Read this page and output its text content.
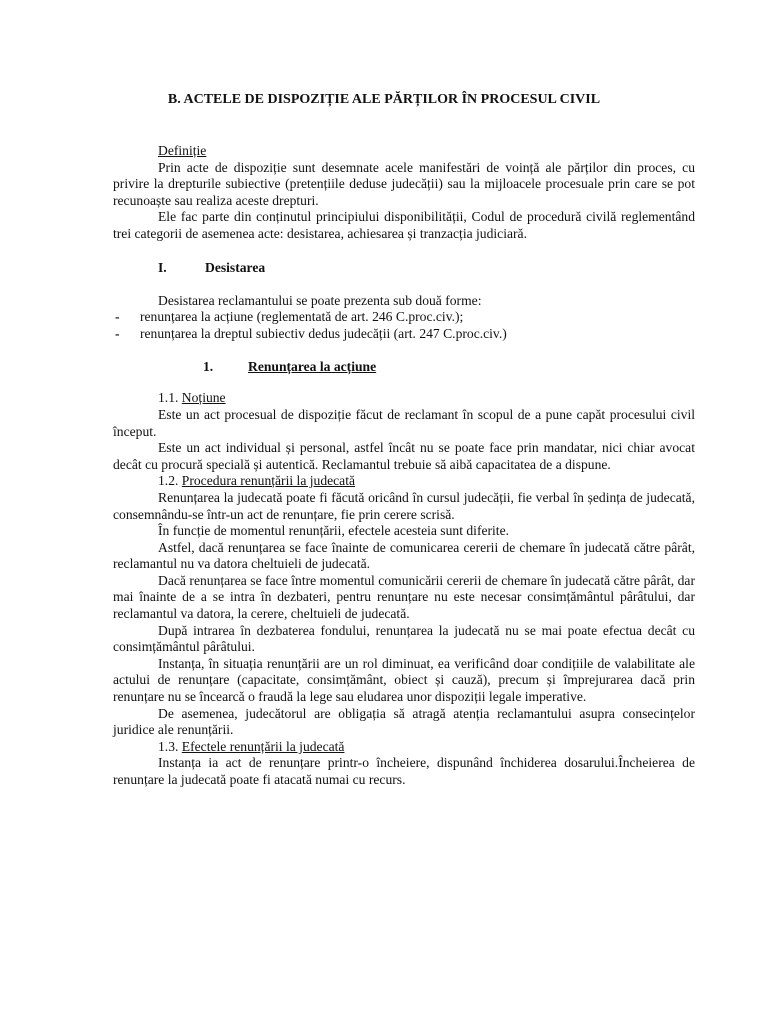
B. ACTELE DE DISPOZIȚIE ALE PĂRȚILOR ÎN PROCESUL CIVIL

Definiție

Prin acte de dispoziție sunt desemnate acele manifestări de voință ale părților din proces, cu privire la drepturile subiective (pretențiile deduse judecății) sau la mijloacele procesuale prin care se pot recunoaște sau realiza aceste drepturi.

Ele fac parte din conținutul principiului disponibilității, Codul de procedură civilă reglementând trei categorii de asemenea acte: desistarea, achiesarea și tranzacția judiciară.

I.	Desistarea

Desistarea reclamantului se poate prezenta sub două forme:

- renunțarea la acțiune (reglementată de art. 246 C.proc.civ.);
- renunțarea la dreptul subiectiv dedus judecății (art. 247 C.proc.civ.)
1.	Renunțarea la acțiune

1.1. Noțiune

Este un act procesual de dispoziție făcut de reclamant în scopul de a pune capăt procesului civil început.

Este un act individual și personal, astfel încât nu se poate face prin mandatar, nici chiar avocat decât cu procură specială și autentică. Reclamantul trebuie să aibă capacitatea de a dispune.

1.2. Procedura renunțării la judecată

Renunțarea la judecată poate fi făcută oricând în cursul judecății, fie verbal în ședința de judecată, consemnându-se într-un act de renunțare, fie prin cerere scrisă.

În funcție de momentul renunțării, efectele acesteia sunt diferite.

Astfel, dacă renunțarea se face înainte de comunicarea cererii de chemare în judecată către pârât, reclamantul nu va datora cheltuieli de judecată.

Dacă renunțarea se face între momentul comunicării cererii de chemare în judecată către pârât, dar mai înainte de a se intra în dezbateri, pentru renunțare nu este necesar consimțământul pârâtului, dar reclamantul va datora, la cerere, cheltuieli de judecată.

După intrarea în dezbaterea fondului, renunțarea la judecată nu se mai poate efectua decât cu consimțământul pârâtului.

Instanța, în situația renunțării are un rol diminuat, ea verificând doar condițiile de valabilitate ale actului de renunțare (capacitate, consimțământ, obiect și cauză), precum și împrejurarea dacă prin renunțare nu se încearcă o fraudă la lege sau eludarea unor dispoziții legale imperative.

De asemenea, judecătorul are obligația să atragă atenția reclamantului asupra consecințelor juridice ale renunțării.

1.3. Efectele renunțării la judecată

Instanța ia act de renunțare printr-o încheiere, dispunând închiderea dosarului.Încheierea de renunțare la judecată poate fi atacată numai cu recurs.
